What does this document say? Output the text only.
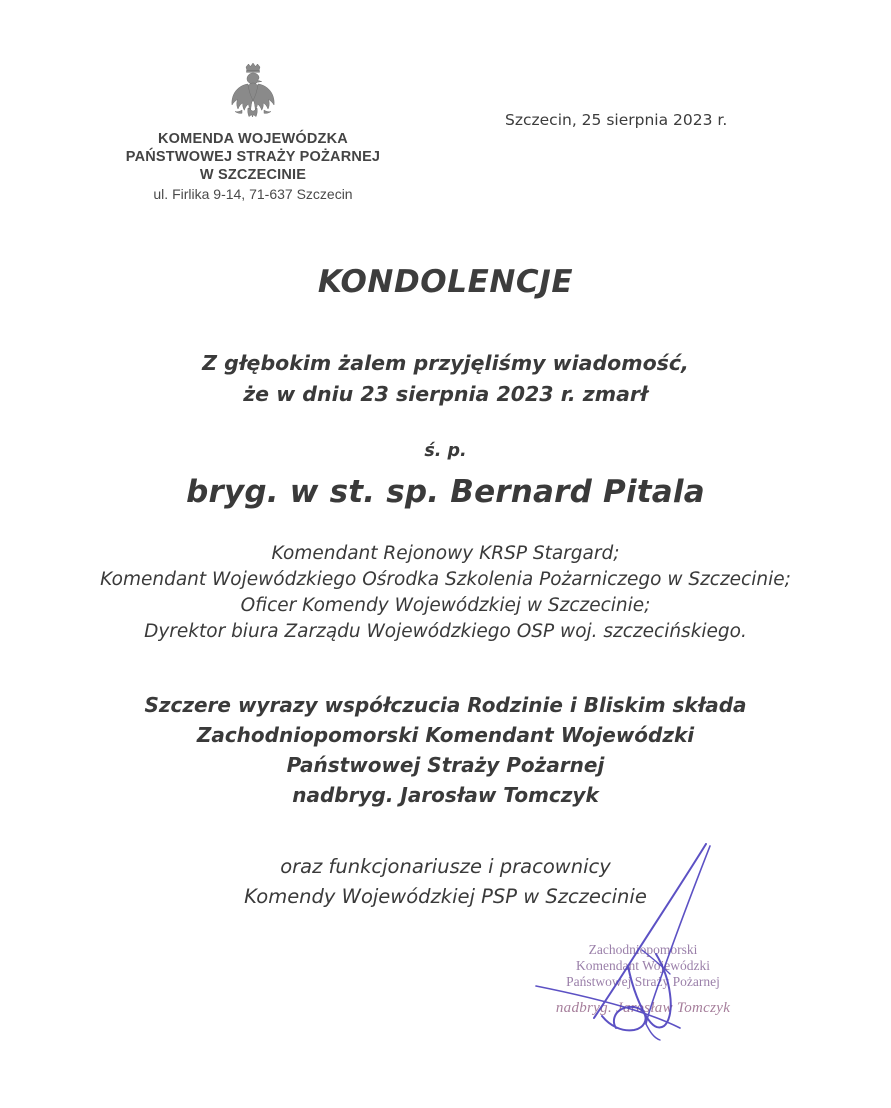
KOMENDA WOJEWÓDZKA
PAŃSTWOWEJ STRAŻY POŻARNEJ
W SZCZECINIE
ul. Firlika 9-14, 71-637 Szczecin
Szczecin, 25 sierpnia 2023 r.
KONDOLENCJE

Z głębokim żalem przyjęliśmy wiadomość,

że w dniu 23 sierpnia 2023 r. zmarł

ś. p.
bryg. w st. sp. Bernard Pitala

Komendant Rejonowy KRSP Stargard;

Komendant Wojewódzkiego Ośrodka Szkolenia Pożarniczego w Szczecinie;

Oficer Komendy Wojewódzkiej w Szczecinie;

Dyrektor biura Zarządu Wojewódzkiego OSP woj. szczecińskiego.

Szczere wyrazy współczucia Rodzinie i Bliskim składa

Zachodniopomorski Komendant Wojewódzki

Państwowej Straży Pożarnej

nadbryg. Jarosław Tomczyk

oraz funkcjonariusze i pracownicy

Komendy Wojewódzkiej PSP w Szczecinie

Zachodniopomorski
Komendant Wojewódzki
Państwowej Straży Pożarnej
nadbryg. Jarosław Tomczyk
